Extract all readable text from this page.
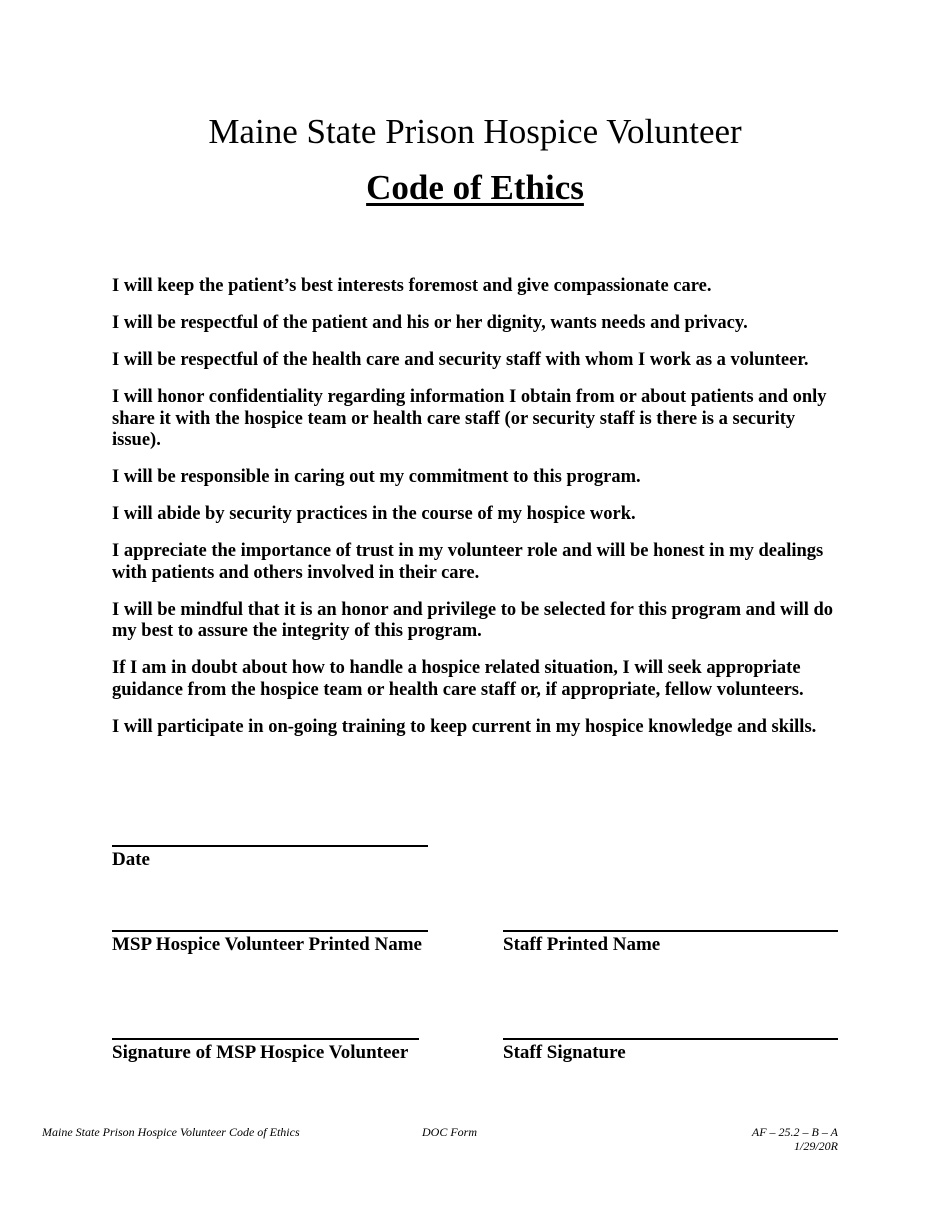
Maine State Prison Hospice Volunteer
Code of Ethics
I will keep the patient’s best interests foremost and give compassionate care.
I will be respectful of the patient and his or her dignity, wants needs and privacy.
I will be respectful of the health care and security staff with whom I work as a volunteer.
I will honor confidentiality regarding information I obtain from or about patients and only share it with the hospice team or health care staff (or security staff is there is a security issue).
I will be responsible in caring out my commitment to this program.
I will abide by security practices in the course of my hospice work.
I appreciate the importance of trust in my volunteer role and will be honest in my dealings with patients and others involved in their care.
I will be mindful that it is an honor and privilege to be selected for this program and will do my best to assure the integrity of this program.
If I am in doubt about how to handle a hospice related situation, I will seek appropriate guidance from the hospice team or health care staff or, if appropriate, fellow volunteers.
I will participate in on-going training to keep current in my hospice knowledge and skills.
Date
MSP Hospice Volunteer Printed Name	Staff Printed Name
Signature of MSP Hospice Volunteer	Staff Signature
Maine State Prison Hospice Volunteer Code of Ethics	DOC Form	AF – 25.2 – B – A
1/29/20R
